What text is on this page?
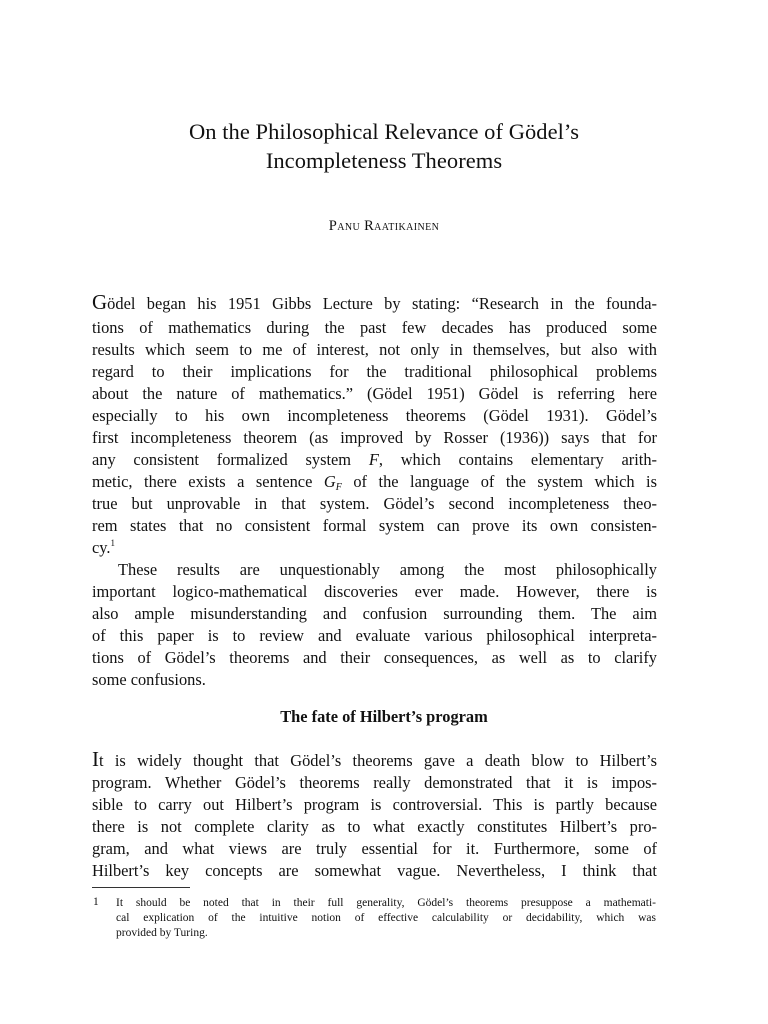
On the Philosophical Relevance of Gödel’s
Incompleteness Theorems
Panu Raatikainen
Gödel began his 1951 Gibbs Lecture by stating: “Research in the founda-
tions of mathematics during the past few decades has produced some
results which seem to me of interest, not only in themselves, but also with
regard to their implications for the traditional philosophical problems
about the nature of mathematics.” (Gödel 1951) Gödel is referring here
especially to his own incompleteness theorems (Gödel 1931). Gödel’s
first incompleteness theorem (as improved by Rosser (1936)) says that for
any consistent formalized system F, which contains elementary arith-
metic, there exists a sentence $G_F$ of the language of the system which is
true but unprovable in that system. Gödel’s second incompleteness theo-
rem states that no consistent formal system can prove its own consisten-
cy.$^1$
These results are unquestionably among the most philosophically
important logico-mathematical discoveries ever made. However, there is
also ample misunderstanding and confusion surrounding them. The aim
of this paper is to review and evaluate various philosophical interpreta-
tions of Gödel’s theorems and their consequences, as well as to clarify
some confusions.
The fate of Hilbert’s program
It is widely thought that Gödel’s theorems gave a death blow to Hilbert’s
program. Whether Gödel’s theorems really demonstrated that it is impos-
sible to carry out Hilbert’s program is controversial. This is partly because
there is not complete clarity as to what exactly constitutes Hilbert’s pro-
gram, and what views are truly essential for it. Furthermore, some of
Hilbert’s key concepts are somewhat vague. Nevertheless, I think that
1 It should be noted that in their full generality, Gödel’s theorems presuppose a mathemati-
cal explication of the intuitive notion of effective calculability or decidability, which was
provided by Turing.
